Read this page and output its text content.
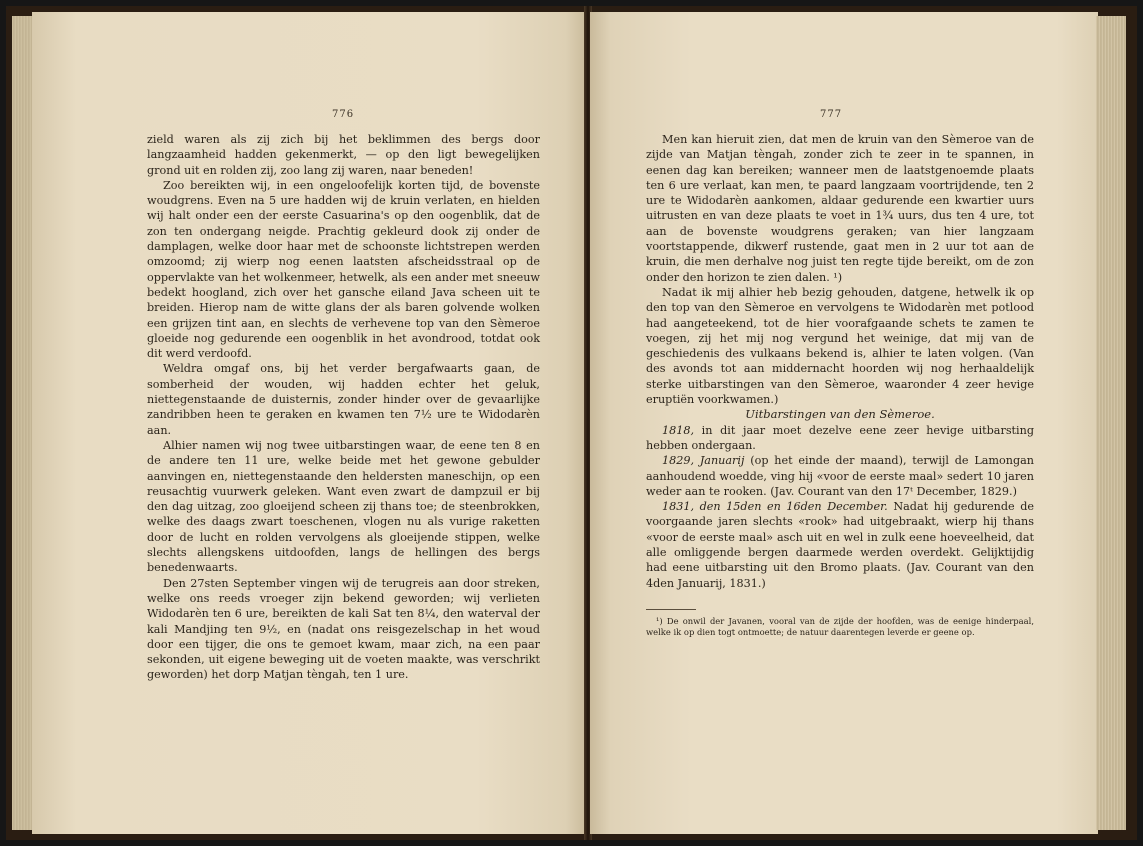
776

zield waren als zij zich bij het beklimmen des bergs door langzaamheid hadden gekenmerkt, — op den ligt bewegelijken grond uit en rolden zij, zoo lang zij waren, naar beneden!

Zoo bereikten wij, in een ongeloofelijk korten tijd, de bovenste woudgrens. Even na 5 ure hadden wij de kruin verlaten, en hielden wij halt onder een der eerste Casuarina's op den oogenblik, dat de zon ten ondergang neigde. Prachtig gekleurd dook zij onder de damplagen, welke door haar met de schoonste lichtstrepen werden omzoomd; zij wierp nog eenen laatsten afscheidsstraal op de oppervlakte van het wolkenmeer, hetwelk, als een ander met sneeuw bedekt hoogland, zich over het gansche eiland Java scheen uit te breiden. Hierop nam de witte glans der als baren golvende wolken een grijzen tint aan, en slechts de verhevene top van den Sèmeroe gloeide nog gedurende een oogenblik in het avondrood, totdat ook dit werd verdoofd.

Weldra omgaf ons, bij het verder bergafwaarts gaan, de somberheid der wouden, wij hadden echter het geluk, niettegenstaande de duisternis, zonder hinder over de gevaarlijke zandribben heen te geraken en kwamen ten 7½ ure te Widodarèn aan.

Alhier namen wij nog twee uitbarstingen waar, de eene ten 8 en de andere ten 11 ure, welke beide met het gewone gebulder aanvingen en, niettegenstaande den heldersten maneschijn, op een reusachtig vuurwerk geleken. Want even zwart de dampzuil er bij den dag uitzag, zoo gloeijend scheen zij thans toe; de steenbrokken, welke des daags zwart toeschenen, vlogen nu als vurige raketten door de lucht en rolden vervolgens als gloeijende stippen, welke slechts allengskens uitdoofden, langs de hellingen des bergs benedenwaarts.

Den 27sten September vingen wij de terugreis aan door streken, welke ons reeds vroeger zijn bekend geworden; wij verlieten Widodarèn ten 6 ure, bereikten de kali Sat ten 8¼, den waterval der kali Mandjing ten 9½, en (nadat ons reisgezelschap in het woud door een tijger, die ons te gemoet kwam, maar zich, na een paar sekonden, uit eigene beweging uit de voeten maakte, was verschrikt geworden) het dorp Matjan tèngah, ten 1 ure.

777

Men kan hieruit zien, dat men de kruin van den Sèmeroe van de zijde van Matjan tèngah, zonder zich te zeer in te spannen, in eenen dag kan bereiken; wanneer men de laatstgenoemde plaats ten 6 ure verlaat, kan men, te paard langzaam voortrijdende, ten 2 ure te Widodarèn aankomen, aldaar gedurende een kwartier uurs uitrusten en van deze plaats te voet in 1¾ uurs, dus ten 4 ure, tot aan de bovenste woudgrens geraken; van hier langzaam voortstappende, dikwerf rustende, gaat men in 2 uur tot aan de kruin, die men derhalve nog juist ten regte tijde bereikt, om de zon onder den horizon te zien dalen. ¹)

Nadat ik mij alhier heb bezig gehouden, datgene, hetwelk ik op den top van den Sèmeroe en vervolgens te Widodarèn met potlood had aangeteekend, tot de hier voorafgaande schets te zamen te voegen, zij het mij nog vergund het weinige, dat mij van de geschiedenis des vulkaans bekend is, alhier te laten volgen. (Van des avonds tot aan middernacht hoorden wij nog herhaaldelijk sterke uitbarstingen van den Sèmeroe, waaronder 4 zeer hevige eruptiën voorkwamen.)

Uitbarstingen van den Sèmeroe.

1818, in dit jaar moet dezelve eene zeer hevige uitbarsting hebben ondergaan.

1829, Januarij (op het einde der maand), terwijl de Lamongan aanhoudend woedde, ving hij «voor de eerste maal» sedert 10 jaren weder aan te rooken. (Jav. Courant van den 17ᵗ December, 1829.)

1831, den 15den en 16den December. Nadat hij gedurende de voorgaande jaren slechts «rook» had uitgebraakt, wierp hij thans «voor de eerste maal» asch uit en wel in zulk eene hoeveelheid, dat alle omliggende bergen daarmede werden overdekt. Gelijktijdig had eene uitbarsting uit den Bromo plaats. (Jav. Courant van den 4den Januarij, 1831.)

¹) De onwil der Javanen, vooral van de zijde der hoofden, was de eenige hinderpaal, welke ik op dien togt ontmoette; de natuur daarentegen leverde er geene op.
